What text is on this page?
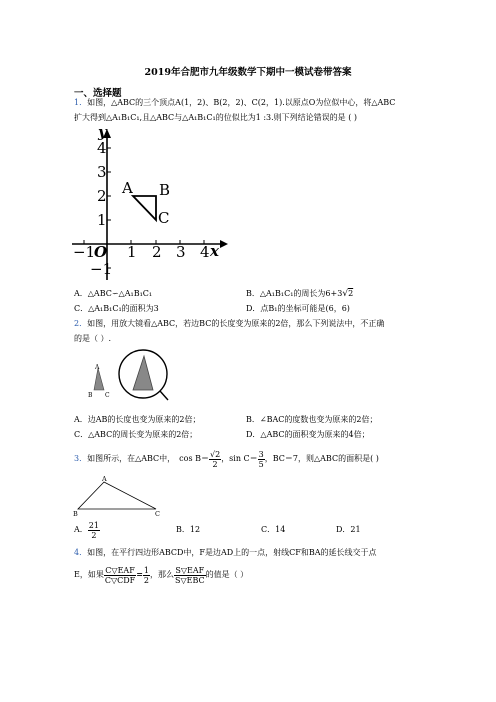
2019年合肥市九年级数学下期中一模试卷带答案
一、选择题
1．如图，△ABC的三个顶点A(1，2)、B(2，2)、C(2，1).以原点O为位似中心，将△ABC
扩大得到△A₁B₁C₁,且△ABC与△A₁B₁C₁的位似比为1 :3.则下列结论错误的是 ( )
y
x
O
4
3
2
1
−1
−1 1 2 3 4
A B
C
A．△ABC∽△A₁B₁C₁	B．△A₁B₁C₁的周长为6+3√2
C．△A₁B₁C₁的面积为3	D．点B₁的坐标可能是(6，6)
2．如图，用放大镜看△ABC，若边BC的长度变为原来的2倍，那么下列说法中，不正确
的是（ ）.
A
B C
A．边AB的长度也变为原来的2倍；	B．∠BAC的度数也变为原来的2倍；
C．△ABC的周长变为原来的2倍；	D．△ABC的面积变为原来的4倍；
3．如图所示，在△ABC中，　 $\cos B= \frac{√2}{2}$ ，$\sin C= \frac{3}{5}$ ，BC＝7，则△ABC的面积是( )
A
B	C
A． $\frac{21}{2}$	B．12	C．14	D．21
4．如图，在平行四边形ABCD中，F是边AD上的一点，射线CF和BA的延长线交于点
E，如果 $\frac{\text{C▽EAF}}{\text{C▽CDF}} = \frac{1}{2}$ ，那么 $\frac{\text{S▽EAF}}{\text{S▽EBC}}$ 的值是（ ）
